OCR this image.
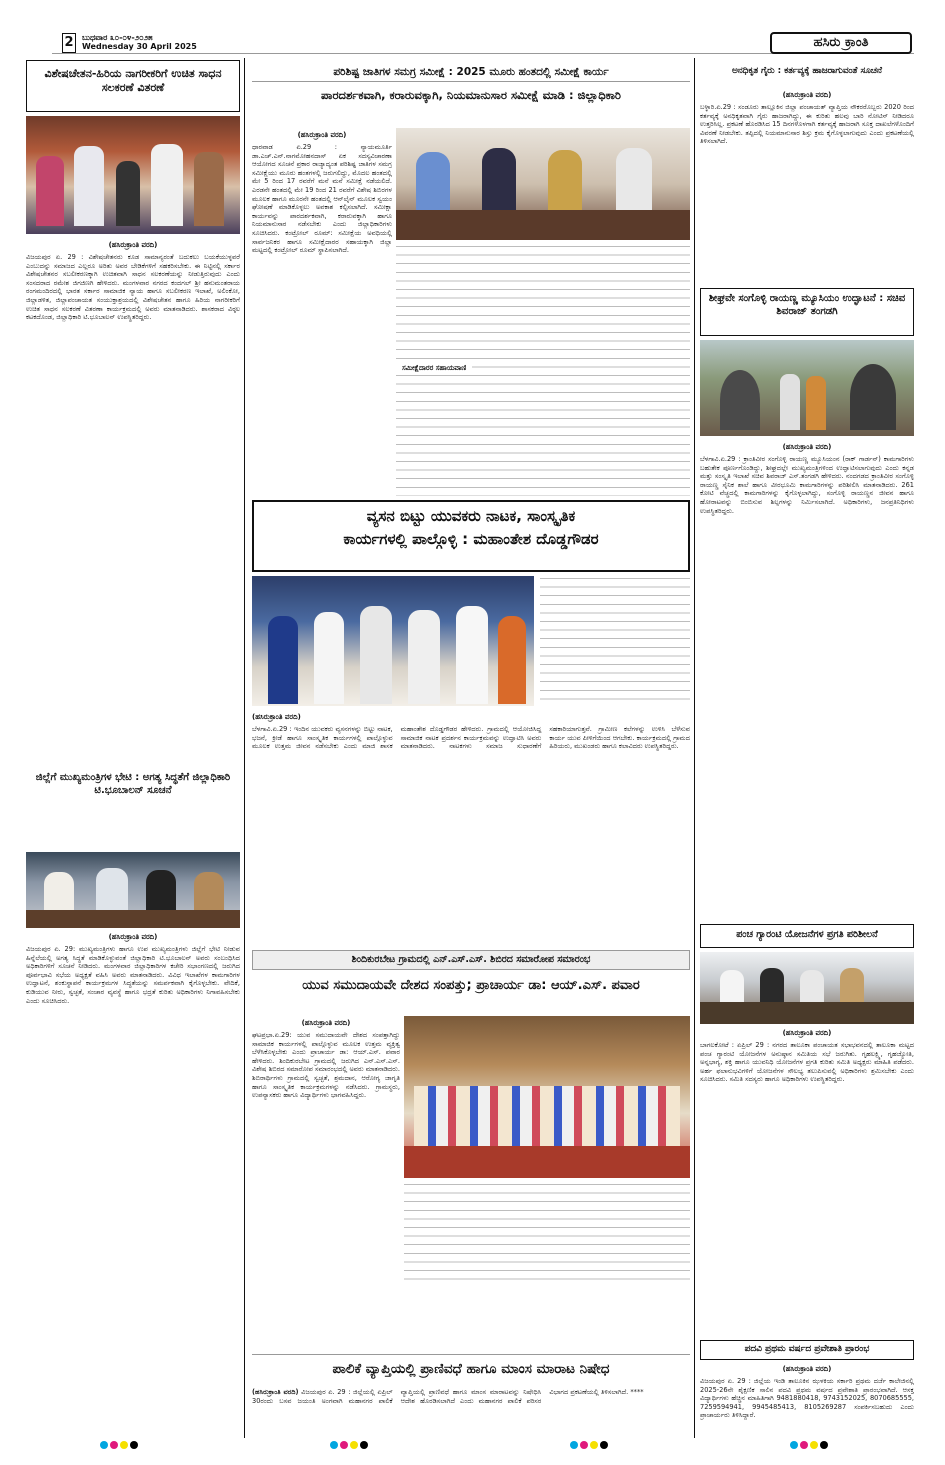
2	ಬುಧವಾರ ೩೦-೦೪-೨೦೨೫
Wednesday 30 April 2025	ಹಸಿರು ಕ್ರಾಂತಿ
ವಿಶೇಷಚೇತನ-ಹಿರಿಯ ನಾಗರೀಕರಿಗೆ ಉಚಿತ ಸಾಧನ ಸಲಕರಣೆ ವಿತರಣೆ
(ಹಸಿರುಕ್ರಾಂತಿ ವರದಿ)
ವಿಜಯಪುರ ಏ. 29 : ವಿಶೇಷಚೇತನರು ಕೂಡ ಸಾಮಾನ್ಯರಂತೆ ಬದುಕಲು ಬಯಕೆಯುಳ್ಳವರೆ ಎಂಬುದನ್ನು ಸಮಾಜದ ಎಲ್ಲರೂ ಅರಿತು ಅವರ ಬೇಡಿಕೆಗಳಿಗೆ ಸಹಕರಿಸಬೇಕು. ಈ ನಿಟ್ಟಿನಲ್ಲಿ ಸರ್ಕಾರ ವಿಶೇಷಚೇತನರ ಸಬಲೀಕರಣಕ್ಕಾಗಿ ಉಚಿತವಾಗಿ ಸಾಧನ ಸಲಕರಣೆಯನ್ನು ನೀಡುತ್ತಿರುವುದು ಎಂದು ಸಂಸದರಾದ ರಮೇಶ ಜಿಗಜಿಣಗಿ ಹೇಳಿದರು. ಮಂಗಳವಾರ ನಗರದ ಕಂದಗಲ್ ಶ್ರೀ ಹನುಮಂತರಾಯ ರಂಗಮಂದಿರದಲ್ಲಿ ಭಾರತ ಸರ್ಕಾರ ಸಾಮಾಜಿಕ ನ್ಯಾಯ ಹಾಗೂ ಸಬಲೀಕರಣ ಇಲಾಖೆ, ಅಲಿಂಕೋ, ಜಿಲ್ಲಾಡಳಿತ, ಜಿಲ್ಲಾಪಂಚಾಯತ ಸಂಯುಕ್ತಾಶ್ರಯದಲ್ಲಿ ವಿಶೇಷಚೇತನ ಹಾಗೂ ಹಿರಿಯ ನಾಗರೀಕರಿಗೆ ಉಚಿತ ಸಾಧನ ಸಲಕರಣೆ ವಿತರಣಾ ಕಾರ್ಯಕ್ರಮದಲ್ಲಿ ಅವರು ಮಾತನಾಡಿದರು. ಶಾಸಕರಾದ ವಿಠ್ಠಲ ಕಟಕದೊಂಡ, ಜಿಲ್ಲಾಧಿಕಾರಿ ಟಿ.ಭೂಬಾಲನ್ ಉಪಸ್ಥಿತರಿದ್ದರು.
ಜಿಲ್ಲೆಗೆ ಮುಖ್ಯಮಂತ್ರಿಗಳ ಭೇಟಿ : ಅಗತ್ಯ ಸಿದ್ಧತೆಗೆ ಜಿಲ್ಲಾಧಿಕಾರಿ ಟಿ.ಭೂಬಾಲನ್ ಸೂಚನೆ
(ಹಸಿರುಕ್ರಾಂತಿ ವರದಿ)
ವಿಜಯಪುರ ಏ. 29: ಮುಖ್ಯಮಂತ್ರಿಗಳು ಹಾಗೂ ಉಪ ಮುಖ್ಯಮಂತ್ರಿಗಳು ಜಿಲ್ಲೆಗೆ ಭೇಟಿ ನೀಡುವ ಹಿನ್ನೆಲೆಯಲ್ಲಿ ಅಗತ್ಯ ಸಿದ್ಧತೆ ಮಾಡಿಕೊಳ್ಳುವಂತೆ ಜಿಲ್ಲಾಧಿಕಾರಿ ಟಿ.ಭೂಬಾಲನ್ ಅವರು ಸಂಬಂಧಿಸಿದ ಅಧಿಕಾರಿಗಳಿಗೆ ಸೂಚನೆ ನೀಡಿದರು. ಮಂಗಳವಾರ ಜಿಲ್ಲಾಧಿಕಾರಿಗಳ ಕಚೇರಿ ಸಭಾಂಗಣದಲ್ಲಿ ಜರುಗಿದ ಪೂರ್ವಭಾವಿ ಸಭೆಯ ಅಧ್ಯಕ್ಷತೆ ವಹಿಸಿ ಅವರು ಮಾತನಾಡಿದರು. ವಿವಿಧ ಇಲಾಖೆಗಳ ಕಾಮಗಾರಿಗಳ ಉದ್ಘಾಟನೆ, ಶಂಕುಸ್ಥಾಪನೆ ಕಾರ್ಯಕ್ರಮಗಳ ಸಿದ್ಧತೆಯನ್ನು ಸಮರ್ಪಕವಾಗಿ ಕೈಗೊಳ್ಳಬೇಕು. ವೇದಿಕೆ, ಕುಡಿಯುವ ನೀರು, ಸ್ವಚ್ಛತೆ, ಸಂಚಾರ ವ್ಯವಸ್ಥೆ ಹಾಗೂ ಭದ್ರತೆ ಕುರಿತು ಅಧಿಕಾರಿಗಳು ನಿಗಾವಹಿಸಬೇಕು ಎಂದು ಸೂಚಿಸಿದರು.
ಪರಿಶಿಷ್ಟ ಜಾತಿಗಳ ಸಮಗ್ರ ಸಮೀಕ್ಷೆ : 2025 ಮೂರು ಹಂತದಲ್ಲಿ ಸಮೀಕ್ಷೆ ಕಾರ್ಯ
ಪಾರದರ್ಶಕವಾಗಿ, ಕರಾರುವಕ್ಕಾಗಿ, ನಿಯಮಾನುಸಾರ ಸಮೀಕ್ಷೆ ಮಾಡಿ : ಜಿಲ್ಲಾಧಿಕಾರಿ
(ಹಸಿರುಕ್ರಾಂತಿ ವರದಿ)
ಧಾರವಾಡ ಏ.29 : ನ್ಯಾಯಮೂರ್ತಿ ಡಾ.ಎಚ್.ಎನ್.ನಾಗಮೋಹನದಾಸ್ ಏಕ ಸದಸ್ಯವಿಚಾರಣಾ ಆಯೋಗದ ಸೂಚನೆ ಪ್ರಕಾರ ರಾಜ್ಯಾದ್ಯಂತ ಪರಿಶಿಷ್ಟ ಜಾತಿಗಳ ಸಮಗ್ರ ಸಮೀಕ್ಷೆಯು ಮೂರು ಹಂತಗಳಲ್ಲಿ ಜರುಗಲಿದ್ದು, ಮೊದಲ ಹಂತದಲ್ಲಿ ಮೇ 5 ರಿಂದ 17 ರವರೆಗೆ ಮನೆ ಮನೆ ಸಮೀಕ್ಷೆ ನಡೆಯಲಿದೆ. ಎರಡನೇ ಹಂತದಲ್ಲಿ ಮೇ 19 ರಿಂದ 21 ರವರೆಗೆ ವಿಶೇಷ ಶಿಬಿರಗಳ ಮೂಲಕ ಹಾಗೂ ಮೂರನೇ ಹಂತದಲ್ಲಿ ಆನ್‌ಲೈನ್ ಮೂಲಕ ಸ್ವಯಂ ಘೋಷಣೆ ಮಾಡಿಕೊಳ್ಳಲು ಅವಕಾಶ ಕಲ್ಪಿಸಲಾಗಿದೆ. ಸಮೀಕ್ಷಾ ಕಾರ್ಯವನ್ನು ಪಾರದರ್ಶಕವಾಗಿ, ಕರಾರುವಕ್ಕಾಗಿ ಹಾಗೂ ನಿಯಮಾನುಸಾರ ನಡೆಸಬೇಕು ಎಂದು ಜಿಲ್ಲಾಧಿಕಾರಿಗಳು ಸೂಚಿಸಿದರು. ಕಂಟ್ರೋಲ್ ರೂಮ್: ಸಮೀಕ್ಷೆಯ ಅವಧಿಯಲ್ಲಿ ಸಾರ್ವಜನಿಕರ ಹಾಗೂ ಸಮೀಕ್ಷೆದಾರರ ಸಹಾಯಕ್ಕಾಗಿ ಜಿಲ್ಲಾ ಮಟ್ಟದಲ್ಲಿ ಕಂಟ್ರೋಲ್ ರೂಮ್ ಸ್ಥಾಪಿಸಲಾಗಿದೆ.
ಸಮೀಕ್ಷೆದಾರರ ಸಹಾಯವಾಣಿ
ವ್ಯಸನ ಬಿಟ್ಟು ಯುವಕರು ನಾಟಕ, ಸಾಂಸ್ಕೃತಿಕ
ಕಾರ್ಯಗಳಲ್ಲಿ ಪಾಲ್ಗೊಳ್ಳಿ : ಮಹಾಂತೇಶ ದೊಡ್ಡಗೌಡರ
(ಹಸಿರುಕ್ರಾಂತಿ ವರದಿ)
ಬೆಳಗಾವಿ.ಏ.29 : ಇಂದಿನ ಯುವಕರು ವ್ಯಸನಗಳನ್ನು ಬಿಟ್ಟು ನಾಟಕ, ಭಜನೆ, ಕ್ರೀಡೆ ಹಾಗೂ ಸಾಂಸ್ಕೃತಿಕ ಕಾರ್ಯಗಳಲ್ಲಿ ಪಾಲ್ಗೊಳ್ಳುವ ಮೂಲಕ ಉತ್ತಮ ಜೀವನ ನಡೆಸಬೇಕು ಎಂದು ಮಾಜಿ ಶಾಸಕ ಮಹಾಂತೇಶ ದೊಡ್ಡಗೌಡರ ಹೇಳಿದರು. ಗ್ರಾಮದಲ್ಲಿ ಆಯೋಜಿಸಿದ್ದ ಸಾಮಾಜಿಕ ನಾಟಕ ಪ್ರದರ್ಶನ ಕಾರ್ಯಕ್ರಮವನ್ನು ಉದ್ಘಾಟಿಸಿ ಅವರು ಮಾತನಾಡಿದರು. ನಾಟಕಗಳು ಸಮಾಜ ಸುಧಾರಣೆಗೆ ಸಹಕಾರಿಯಾಗುತ್ತವೆ. ಗ್ರಾಮೀಣ ಕಲೆಗಳನ್ನು ಉಳಿಸಿ ಬೆಳೆಸುವ ಕಾರ್ಯ ಯುವ ಪೀಳಿಗೆಯಿಂದ ಆಗಬೇಕು. ಕಾರ್ಯಕ್ರಮದಲ್ಲಿ ಗ್ರಾಮದ ಹಿರಿಯರು, ಮುಖಂಡರು ಹಾಗೂ ಕಲಾವಿದರು ಉಪಸ್ಥಿತರಿದ್ದರು.
ಶಿಂದಿಕುರಬೇಟ ಗ್ರಾಮದಲ್ಲಿ ಎನ್.ಎಸ್.ಎಸ್. ಶಿಬಿರದ ಸಮಾರೋಪ ಸಮಾರಂಭ
ಯುವ ಸಮುದಾಯವೇ ದೇಶದ ಸಂಪತ್ತು; ಪ್ರಾಚಾರ್ಯ ಡಾ: ಆಯ್.ಎಸ್. ಪವಾರ
(ಹಸಿರುಕ್ರಾಂತಿ ವರದಿ)
ಘಟಪ್ರಭಾ.ಏ.29: ಯುವ ಸಮುದಾಯವೇ ದೇಶದ ಸಂಪತ್ತಾಗಿದ್ದು ಸಾಮಾಜಿಕ ಕಾರ್ಯಗಳಲ್ಲಿ ಪಾಲ್ಗೊಳ್ಳುವ ಮೂಲಕ ಉತ್ತಮ ವ್ಯಕ್ತಿತ್ವ ಬೆಳೆಸಿಕೊಳ್ಳಬೇಕು ಎಂದು ಪ್ರಾಚಾರ್ಯ ಡಾ: ಆಯ್.ಎಸ್. ಪವಾರ ಹೇಳಿದರು. ಶಿಂದಿಕುರಬೇಟ ಗ್ರಾಮದಲ್ಲಿ ಜರುಗಿದ ಎನ್.ಎಸ್.ಎಸ್. ವಿಶೇಷ ಶಿಬಿರದ ಸಮಾರೋಪ ಸಮಾರಂಭದಲ್ಲಿ ಅವರು ಮಾತನಾಡಿದರು. ಶಿಬಿರಾರ್ಥಿಗಳು ಗ್ರಾಮದಲ್ಲಿ ಸ್ವಚ್ಛತೆ, ಶ್ರಮದಾನ, ಆರೋಗ್ಯ ಜಾಗೃತಿ ಹಾಗೂ ಸಾಂಸ್ಕೃತಿಕ ಕಾರ್ಯಕ್ರಮಗಳನ್ನು ನಡೆಸಿದರು. ಗ್ರಾಮಸ್ಥರು, ಉಪನ್ಯಾಸಕರು ಹಾಗೂ ವಿದ್ಯಾರ್ಥಿಗಳು ಭಾಗವಹಿಸಿದ್ದರು.
ಪಾಲಿಕೆ ವ್ಯಾಪ್ತಿಯಲ್ಲಿ ಪ್ರಾಣಿವಧೆ ಹಾಗೂ ಮಾಂಸ ಮಾರಾಟ ನಿಷೇಧ
(ಹಸಿರುಕ್ರಾಂತಿ ವರದಿ) ವಿಜಯಪುರ ಏ. 29 : ಜಿಲ್ಲೆಯಲ್ಲಿ ಏಪ್ರಿಲ್ 30ರಂದು ಬಸವ ಜಯಂತಿ ಅಂಗವಾಗಿ ಮಹಾನಗರ ಪಾಲಿಕೆ ವ್ಯಾಪ್ತಿಯಲ್ಲಿ ಪ್ರಾಣಿವಧೆ ಹಾಗೂ ಮಾಂಸ ಮಾರಾಟವನ್ನು ನಿಷೇಧಿಸಿ ಆದೇಶ ಹೊರಡಿಸಲಾಗಿದೆ ಎಂದು ಮಹಾನಗರ ಪಾಲಿಕೆ ಪರಿಸರ ವಿಭಾಗದ ಪ್ರಕಟಣೆಯಲ್ಲಿ ತಿಳಿಸಲಾಗಿದೆ. ****
ಅನಧಿಕೃತ ಗೈರು : ಕರ್ತವ್ಯಕ್ಕೆ ಹಾಜರಾಗುವಂತೆ ಸೂಚನೆ
(ಹಸಿರುಕ್ರಾಂತಿ ವರದಿ)
ಬಳ್ಳಾರಿ.ಏ.29 : ಸಂಡೂರು ತಾಲ್ಲೂಕಿನ ಜಿಲ್ಲಾ ಪಂಚಾಯತ್ ವ್ಯಾಪ್ತಿಯ ನೌಕರರೊಬ್ಬರು 2020 ರಿಂದ ಕರ್ತವ್ಯಕ್ಕೆ ಅನಧಿಕೃತವಾಗಿ ಗೈರು ಹಾಜರಾಗಿದ್ದು, ಈ ಕುರಿತು ಹಲವು ಬಾರಿ ನೋಟಿಸ್ ನೀಡಿದರೂ ಉತ್ತರಿಸಿಲ್ಲ. ಪ್ರಕಟಣೆ ಹೊರಡಿಸಿದ 15 ದಿನಗಳೊಳಗಾಗಿ ಕರ್ತವ್ಯಕ್ಕೆ ಹಾಜರಾಗಿ ಸೂಕ್ತ ದಾಖಲೆಗಳೊಂದಿಗೆ ವಿವರಣೆ ನೀಡಬೇಕು. ತಪ್ಪಿದಲ್ಲಿ ನಿಯಮಾನುಸಾರ ಶಿಸ್ತು ಕ್ರಮ ಕೈಗೊಳ್ಳಲಾಗುವುದು ಎಂದು ಪ್ರಕಟಣೆಯಲ್ಲಿ ತಿಳಿಸಲಾಗಿದೆ.
ಶೀಘ್ರವೇ ಸಂಗೊಳ್ಳಿ ರಾಯಣ್ಣ ಮ್ಯೂಸಿಯಂ ಉದ್ಘಾಟನೆ : ಸಚಿವ ಶಿವರಾಜ್ ತಂಗಡಗಿ
(ಹಸಿರುಕ್ರಾಂತಿ ವರದಿ)
ಬೆಳಗಾವಿ.ಏ.29 : ಕ್ರಾಂತಿವೀರ ಸಂಗೊಳ್ಳಿ ರಾಯಣ್ಣ ಮ್ಯೂಸಿಯಂನ (ರಾಕ್ ಗಾರ್ಡನ್) ಕಾಮಗಾರಿಗಳು ಬಹುತೇಕ ಪೂರ್ಣಗೊಂಡಿದ್ದು, ಶೀಘ್ರದಲ್ಲೇ ಮುಖ್ಯಮಂತ್ರಿಗಳಿಂದ ಉದ್ಘಾಟಿಸಲಾಗುವುದು ಎಂದು ಕನ್ನಡ ಮತ್ತು ಸಂಸ್ಕೃತಿ ಇಲಾಖೆ ಸಚಿವ ಶಿವರಾಜ್ ಎಸ್.ತಂಗಡಗಿ ಹೇಳಿದರು. ನಂದಗಡದ ಕ್ರಾಂತಿವೀರ ಸಂಗೊಳ್ಳಿ ರಾಯಣ್ಣ ಸೈನಿಕ ಶಾಲೆ ಹಾಗೂ ವೀರಭೂಮಿ ಕಾಮಗಾರಿಗಳನ್ನು ಪರಿಶೀಲಿಸಿ ಮಾತನಾಡಿದರು. 261 ಕೋಟಿ ವೆಚ್ಚದಲ್ಲಿ ಕಾಮಗಾರಿಗಳನ್ನು ಕೈಗೊಳ್ಳಲಾಗಿದ್ದು, ಸಂಗೊಳ್ಳಿ ರಾಯಣ್ಣನ ಜೀವನ ಹಾಗೂ ಹೋರಾಟವನ್ನು ಬಿಂಬಿಸುವ ಶಿಲ್ಪಗಳನ್ನು ನಿರ್ಮಿಸಲಾಗಿದೆ. ಅಧಿಕಾರಿಗಳು, ಜನಪ್ರತಿನಿಧಿಗಳು ಉಪಸ್ಥಿತರಿದ್ದರು.
ಪಂಚ ಗ್ಯಾರಂಟಿ ಯೋಜನೆಗಳ ಪ್ರಗತಿ ಪರಿಶೀಲನೆ
(ಹಸಿರುಕ್ರಾಂತಿ ವರದಿ)
ಬಾಗಲಕೋಟೆ : ಏಪ್ರಿಲ್ 29 : ನಗರದ ತಾಲೂಕಾ ಪಂಚಾಯತ ಸಭಾಭವನದಲ್ಲಿ ತಾಲೂಕಾ ಮಟ್ಟದ ಪಂಚ ಗ್ಯಾರಂಟಿ ಯೋಜನೆಗಳ ಅನುಷ್ಠಾನ ಸಮಿತಿಯ ಸಭೆ ಜರುಗಿತು. ಗೃಹಲಕ್ಷ್ಮಿ, ಗೃಹಜ್ಯೋತಿ, ಅನ್ನಭಾಗ್ಯ, ಶಕ್ತಿ ಹಾಗೂ ಯುವನಿಧಿ ಯೋಜನೆಗಳ ಪ್ರಗತಿ ಕುರಿತು ಸಮಿತಿ ಅಧ್ಯಕ್ಷರು ಮಾಹಿತಿ ಪಡೆದರು. ಅರ್ಹ ಫಲಾನುಭವಿಗಳಿಗೆ ಯೋಜನೆಗಳ ಸೌಲಭ್ಯ ತಲುಪಿಸುವಲ್ಲಿ ಅಧಿಕಾರಿಗಳು ಶ್ರಮಿಸಬೇಕು ಎಂದು ಸೂಚಿಸಿದರು. ಸಮಿತಿ ಸದಸ್ಯರು ಹಾಗೂ ಅಧಿಕಾರಿಗಳು ಉಪಸ್ಥಿತರಿದ್ದರು.
ಪದವಿ ಪ್ರಥಮ ವರ್ಷದ ಪ್ರವೇಶಾತಿ ಪ್ರಾರಂಭ
(ಹಸಿರುಕ್ರಾಂತಿ ವರದಿ)
ವಿಜಯಪುರ ಏ. 29 : ಜಿಲ್ಲೆಯ ಇಂಡಿ ತಾಲೂಕಿನ ಝಳಕಿಯ ಸರ್ಕಾರಿ ಪ್ರಥಮ ದರ್ಜೆ ಕಾಲೇಜಿನಲ್ಲಿ 2025-26ನೇ ಶೈಕ್ಷಣಿಕ ಸಾಲಿನ ಪದವಿ ಪ್ರಥಮ ವರ್ಷದ ಪ್ರವೇಶಾತಿ ಪ್ರಾರಂಭವಾಗಿದೆ. ಆಸಕ್ತ ವಿದ್ಯಾರ್ಥಿಗಳು ಹೆಚ್ಚಿನ ಮಾಹಿತಿಗಾಗಿ 9481880418, 9743152025, 8070685555, 7259594941, 9945485413, 8105269287 ಸಂಪರ್ಕಿಸಬಹುದು ಎಂದು ಪ್ರಾಚಾರ್ಯರು ತಿಳಿಸಿದ್ದಾರೆ.
